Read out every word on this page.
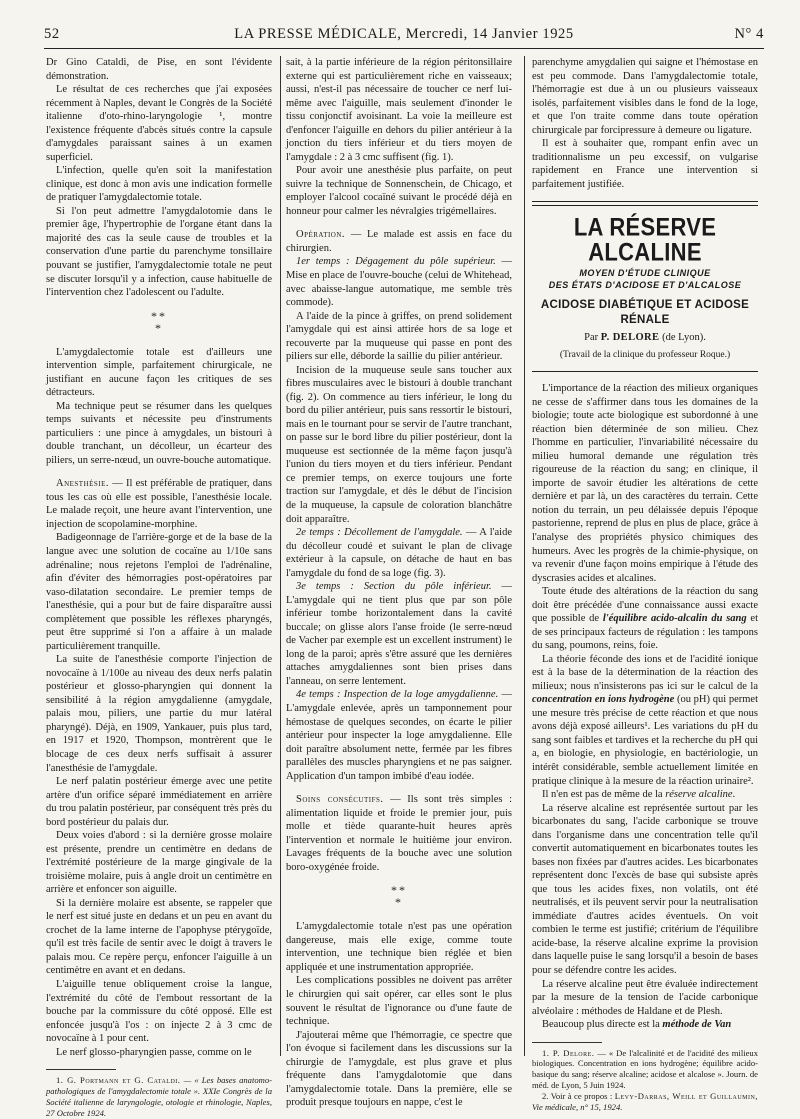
52	LA PRESSE MÉDICALE, Mercredi, 14 Janvier 1925	N° 4

Dr Gino Cataldi, de Pise, en sont l'évidente démonstration.

Le résultat de ces recherches que j'ai exposées récemment à Naples, devant le Congrès de la Société italienne d'oto-rhino-laryngologie ¹, montre l'existence fréquente d'abcès situés contre la capsule d'amygdales paraissant saines à un examen superficiel.

L'infection, quelle qu'en soit la manifestation clinique, est donc à mon avis une indication formelle de pratiquer l'amygdalectomie totale.

Si l'on peut admettre l'amygdalotomie dans le premier âge, l'hypertrophie de l'organe étant dans la majorité des cas la seule cause de troubles et la conservation d'une partie du parenchyme tonsillaire pouvant se justifier, l'amygdalectomie totale ne peut se discuter lorsqu'il y a infection, cause habituelle de l'intervention chez l'adolescent ou l'adulte.

**
*

L'amygdalectomie totale est d'ailleurs une intervention simple, parfaitement chirurgicale, ne justifiant en aucune façon les critiques de ses détracteurs.

Ma technique peut se résumer dans les quelques temps suivants et nécessite peu d'instruments particuliers : une pince à amygdales, un bistouri à double tranchant, un décolleur, un écarteur des piliers, un serre-nœud, un ouvre-bouche automatique.

Anesthésie. — Il est préférable de pratiquer, dans tous les cas où elle est possible, l'anesthésie locale. Le malade reçoit, une heure avant l'intervention, une injection de scopolamine-morphine.

Badigeonnage de l'arrière-gorge et de la base de la langue avec une solution de cocaïne au 1/10e sans adrénaline; nous rejetons l'emploi de l'adrénaline, afin d'éviter des hémorragies post-opératoires par vaso-dilatation secondaire. Le premier temps de l'anesthésie, qui a pour but de faire disparaître aussi complètement que possible les réflexes pharyngés, peut être supprimé si l'on a affaire à un malade particulièrement tranquille.

La suite de l'anesthésie comporte l'injection de novocaïne à 1/100e au niveau des deux nerfs palatin postérieur et glosso-pharyngien qui donnent la sensibilité à la région amygdalienne (amygdale, palais mou, piliers, une partie du mur latéral pharyngé). Déjà, en 1909, Yankauer, puis plus tard, en 1917 et 1920, Thompson, montrèrent que le blocage de ces deux nerfs suffisait à assurer l'anesthésie de l'amygdale.

Le nerf palatin postérieur émerge avec une petite artère d'un orifice séparé immédiatement en arrière du trou palatin postérieur, par conséquent très près du bord postérieur du palais dur.

Deux voies d'abord : si la dernière grosse molaire est présente, prendre un centimètre en dedans de l'extrémité postérieure de la marge gingivale de la troisième molaire, puis à angle droit un centimètre en arrière et enfoncer son aiguille.

Si la dernière molaire est absente, se rappeler que le nerf est situé juste en dedans et un peu en avant du crochet de la lame interne de l'apophyse ptérygoïde, qu'il est très facile de sentir avec le doigt à travers le palais mou. Ce repère perçu, enfoncer l'aiguille à un centimètre en avant et en dedans.

L'aiguille tenue obliquement croise la langue, l'extrémité du côté de l'embout ressortant de la bouche par la commissure du côté opposé. Elle est enfoncée jusqu'à l'os : on injecte 2 à 3 cmc de novocaïne à 1 pour cent.

Le nerf glosso-pharyngien passe, comme on le

1. G. Portmann et G. Cataldi. — « Les bases anatomo-pathologiques de l'amygdalectomie totale ». XXIe Congrès de la Société italienne de laryngologie, otologie et rhinologie, Naples, 27 Octobre 1924.

sait, à la partie inférieure de la région péritonsillaire externe qui est particulièrement riche en vaisseaux; aussi, n'est-il pas nécessaire de toucher ce nerf lui-même avec l'aiguille, mais seulement d'inonder le tissu conjonctif avoisinant. La voie la meilleure est d'enfoncer l'aiguille en dehors du pilier antérieur à la jonction du tiers inférieur et du tiers moyen de l'amygdale : 2 à 3 cmc suffisent (fig. 1).

Pour avoir une anesthésie plus parfaite, on peut suivre la technique de Sonnenschein, de Chicago, et employer l'alcool cocaïné suivant le procédé déjà en honneur pour calmer les névralgies trigémellaires.

Opération. — Le malade est assis en face du chirurgien.

1er temps : Dégagement du pôle supérieur. — Mise en place de l'ouvre-bouche (celui de Whitehead, avec abaisse-langue automatique, me semble très commode).

A l'aide de la pince à griffes, on prend solidement l'amygdale qui est ainsi attirée hors de sa loge et recouverte par la muqueuse qui passe en pont des piliers sur elle, déborde la saillie du pilier antérieur.

Incision de la muqueuse seule sans toucher aux fibres musculaires avec le bistouri à double tranchant (fig. 2). On commence au tiers inférieur, le long du bord du pilier antérieur, puis sans ressortir le bistouri, mais en le tournant pour se servir de l'autre tranchant, on passe sur le bord libre du pilier postérieur, dont la muqueuse est sectionnée de la même façon jusqu'à l'union du tiers moyen et du tiers inférieur. Pendant ce premier temps, on exerce toujours une forte traction sur l'amygdale, et dès le début de l'incision de la muqueuse, la capsule de coloration blanchâtre doit apparaître.

2e temps : Décollement de l'amygdale. — A l'aide du décolleur coudé et suivant le plan de clivage extérieur à la capsule, on détache de haut en bas l'amygdale du fond de sa loge (fig. 3).

3e temps : Section du pôle inférieur. — L'amygdale qui ne tient plus que par son pôle inférieur tombe horizontalement dans la cavité buccale; on glisse alors l'anse froide (le serre-nœud de Vacher par exemple est un excellent instrument) le long de la paroi; après s'être assuré que les dernières attaches amygdaliennes sont bien prises dans l'anneau, on serre lentement.

4e temps : Inspection de la loge amygdalienne. — L'amygdale enlevée, après un tamponnement pour hémostase de quelques secondes, on écarte le pilier antérieur pour inspecter la loge amygdalienne. Elle doit paraître absolument nette, fermée par les fibres parallèles des muscles pharyngiens et ne pas saigner. Application d'un tampon imbibé d'eau iodée.

Soins consécutifs. — Ils sont très simples : alimentation liquide et froide le premier jour, puis molle et tiède quarante-huit heures après l'intervention et normale le huitième jour environ. Lavages fréquents de la bouche avec une solution boro-oxygénée froide.

**
*

L'amygdalectomie totale n'est pas une opération dangereuse, mais elle exige, comme toute intervention, une technique bien réglée et bien appliquée et une instrumentation appropriée.

Les complications possibles ne doivent pas arrêter le chirurgien qui sait opérer, car elles sont le plus souvent le résultat de l'ignorance ou d'une faute de technique.

J'ajouterai même que l'hémorragie, ce spectre que l'on évoque si facilement dans les discussions sur la chirurgie de l'amygdale, est plus grave et plus fréquente dans l'amygdalotomie que dans l'amygdalectomie totale. Dans la première, elle se produit presque toujours en nappe, c'est le

parenchyme amygdalien qui saigne et l'hémostase en est peu commode. Dans l'amygdalectomie totale, l'hémorragie est due à un ou plusieurs vaisseaux isolés, parfaitement visibles dans le fond de la loge, et que l'on traite comme dans toute opération chirurgicale par forcipressure à demeure ou ligature.

Il est à souhaiter que, rompant enfin avec un traditionnalisme un peu excessif, on vulgarise rapidement en France une intervention si parfaitement justifiée.

LA RÉSERVE ALCALINE
MOYEN D'ÉTUDE CLINIQUE
DES ÉTATS D'ACIDOSE ET D'ALCALOSE
ACIDOSE DIABÉTIQUE ET ACIDOSE RÉNALE
Par P. DELORE (de Lyon).
(Travail de la clinique du professeur Roque.)

L'importance de la réaction des milieux organiques ne cesse de s'affirmer dans tous les domaines de la biologie; toute acte biologique est subordonné à une réaction bien déterminée de son milieu. Chez l'homme en particulier, l'invariabilité nécessaire du milieu humoral demande une régulation très rigoureuse de la réaction du sang; en clinique, il importe de savoir étudier les altérations de cette dernière et par là, un des caractères du terrain. Cette notion du terrain, un peu délaissée depuis l'époque pastorienne, reprend de plus en plus de place, grâce à l'analyse des propriétés physico chimiques des humeurs. Avec les progrès de la chimie-physique, on va revenir d'une façon moins empirique à l'étude des dyscrasies acides et alcalines.

Toute étude des altérations de la réaction du sang doit être précédée d'une connaissance aussi exacte que possible de l'équilibre acido-alcalin du sang et de ses principaux facteurs de régulation : les tampons du sang, poumons, reins, foie.

La théorie féconde des ions et de l'acidité ionique est à la base de la détermination de la réaction des milieux; nous n'insisterons pas ici sur le calcul de la concentration en ions hydrogène (ou pH) qui permet une mesure très précise de cette réaction et que nous avons déjà exposé ailleurs¹. Les variations du pH du sang sont faibles et tardives et la recherche du pH qui a, en biologie, en physiologie, en bactériologie, un intérêt considérable, semble actuellement limitée en pratique clinique à la mesure de la réaction urinaire².

Il n'en est pas de même de la réserve alcaline.

La réserve alcaline est représentée surtout par les bicarbonates du sang, l'acide carbonique se trouve dans l'organisme dans une concentration telle qu'il convertit automatiquement en bicarbonates toutes les bases non fixées par d'autres acides. Les bicarbonates représentent donc l'excès de base qui subsiste après que tous les acides fixes, non volatils, ont été neutralisés, et ils peuvent servir pour la neutralisation immédiate d'autres acides éventuels. On voit combien le terme est justifié; critérium de l'équilibre acide-base, la réserve alcaline exprime la provision dans laquelle puise le sang lorsqu'il a besoin de bases pour se défendre contre les acides.

La réserve alcaline peut être évaluée indirectement par la mesure de la tension de l'acide carbonique alvéolaire : méthodes de Haldane et de Plesh.

Beaucoup plus directe est la méthode de Van

1. P. Delore. — « De l'alcalinité et de l'acidité des milieux biologiques. Concentration en ions hydrogène; équilibre acido-basique du sang; réserve alcaline; acidose et alcalose ». Journ. de méd. de Lyon, 5 Juin 1924.

2. Voir à ce propos : Levy-Darras, Weill et Guillaumin, Vie médicale, n° 15, 1924.
